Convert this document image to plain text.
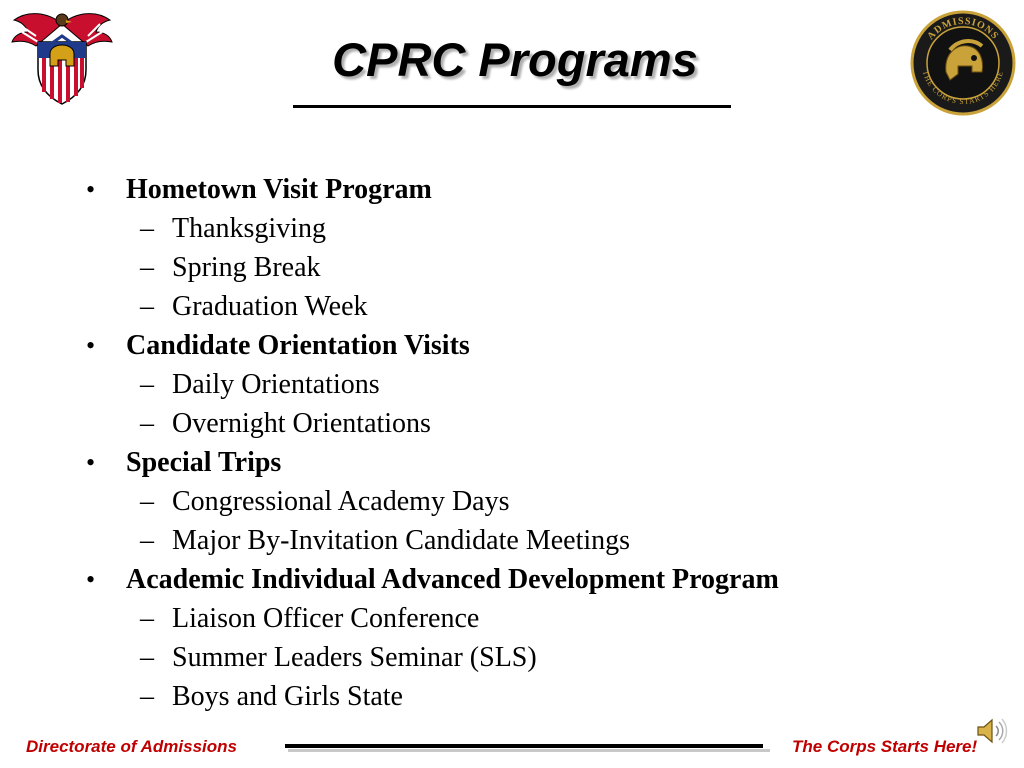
CPRC Programs	ADMISSIONS
THE CORPS STARTS HERE
• Hometown Visit Program
– Thanksgiving
– Spring Break
– Graduation Week
• Candidate Orientation Visits
– Daily Orientations
– Overnight Orientations
• Special Trips
– Congressional Academy Days
– Major By-Invitation Candidate Meetings
• Academic Individual Advanced Development Program
– Liaison Officer Conference
– Summer Leaders Seminar (SLS)
– Boys and Girls State
Directorate of Admissions	The Corps Starts Here!
